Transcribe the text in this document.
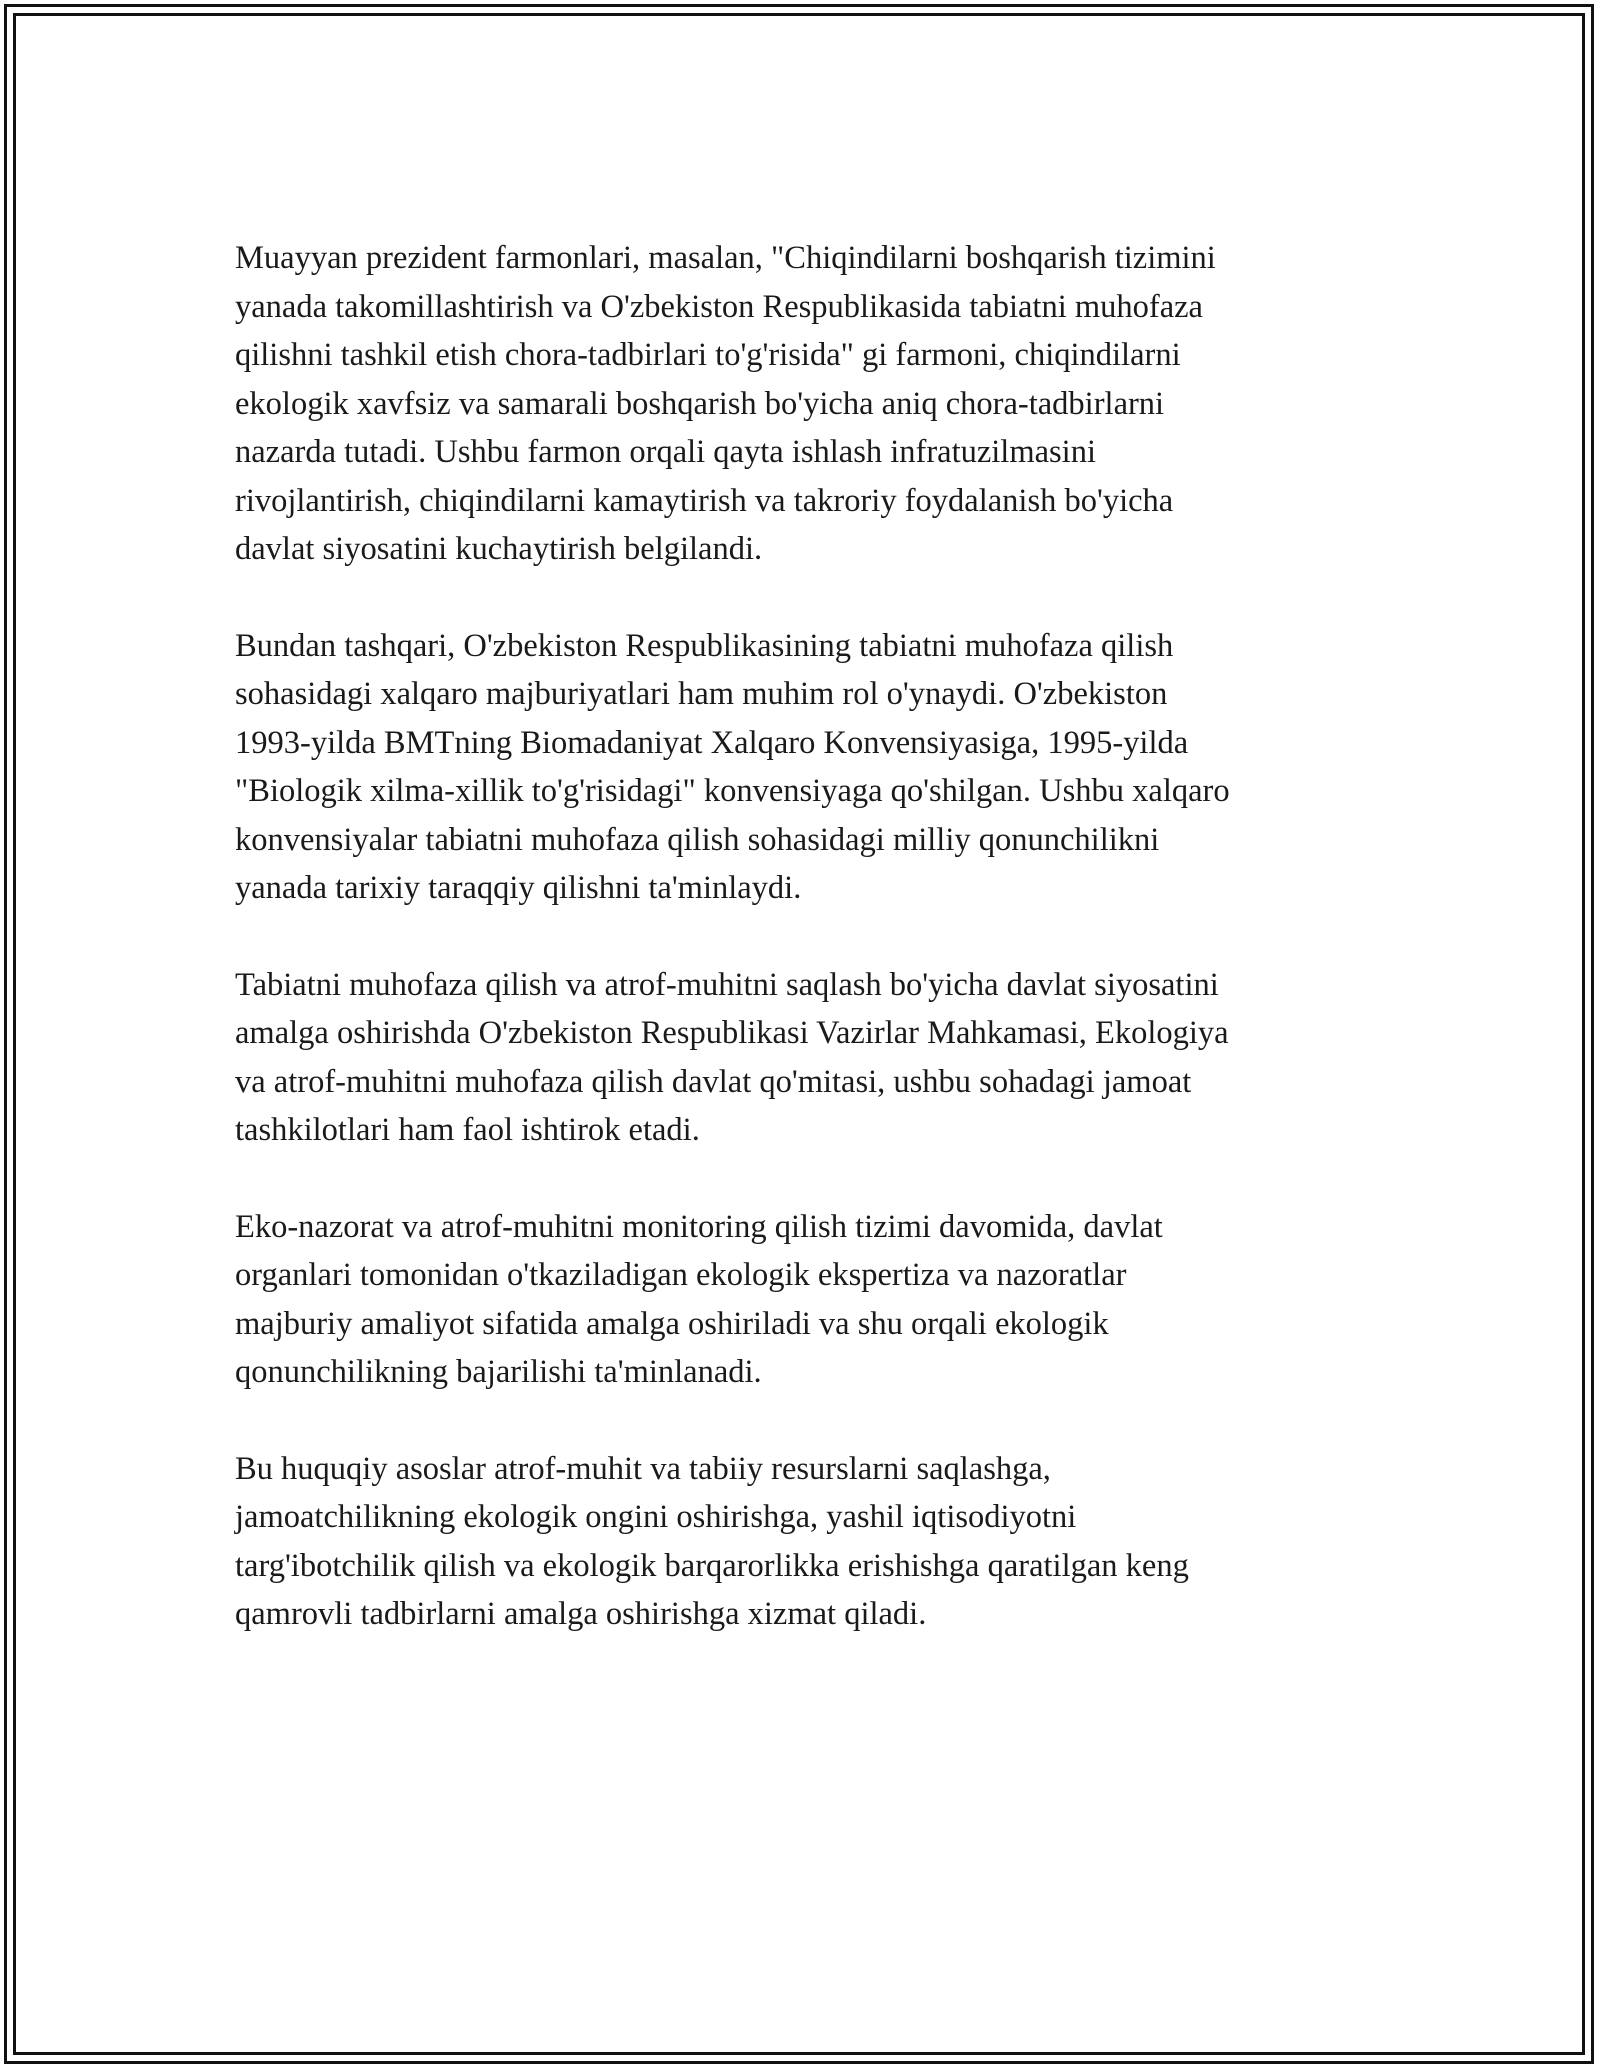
Muayyan prezident farmonlari, masalan, "Chiqindilarni boshqarish tizimini
yanada takomillashtirish va O'zbekiston Respublikasida tabiatni muhofaza
qilishni tashkil etish chora-tadbirlari to'g'risida" gi farmoni, chiqindilarni
ekologik xavfsiz va samarali boshqarish bo'yicha aniq chora-tadbirlarni
nazarda tutadi. Ushbu farmon orqali qayta ishlash infratuzilmasini
rivojlantirish, chiqindilarni kamaytirish va takroriy foydalanish bo'yicha
davlat siyosatini kuchaytirish belgilandi.

Bundan tashqari, O'zbekiston Respublikasining tabiatni muhofaza qilish
sohasidagi xalqaro majburiyatlari ham muhim rol o'ynaydi. O'zbekiston
1993-yilda BMTning Biomadaniyat Xalqaro Konvensiyasiga, 1995-yilda
"Biologik xilma-xillik to'g'risidagi" konvensiyaga qo'shilgan. Ushbu xalqaro
konvensiyalar tabiatni muhofaza qilish sohasidagi milliy qonunchilikni
yanada tarixiy taraqqiy qilishni ta'minlaydi.

Tabiatni muhofaza qilish va atrof-muhitni saqlash bo'yicha davlat siyosatini
amalga oshirishda O'zbekiston Respublikasi Vazirlar Mahkamasi, Ekologiya
va atrof-muhitni muhofaza qilish davlat qo'mitasi, ushbu sohadagi jamoat
tashkilotlari ham faol ishtirok etadi.

Eko-nazorat va atrof-muhitni monitoring qilish tizimi davomida, davlat
organlari tomonidan o'tkaziladigan ekologik ekspertiza va nazoratlar
majburiy amaliyot sifatida amalga oshiriladi va shu orqali ekologik
qonunchilikning bajarilishi ta'minlanadi.

Bu huquqiy asoslar atrof-muhit va tabiiy resurslarni saqlashga,
jamoatchilikning ekologik ongini oshirishga, yashil iqtisodiyotni
targ'ibotchilik qilish va ekologik barqarorlikka erishishga qaratilgan keng
qamrovli tadbirlarni amalga oshirishga xizmat qiladi.
